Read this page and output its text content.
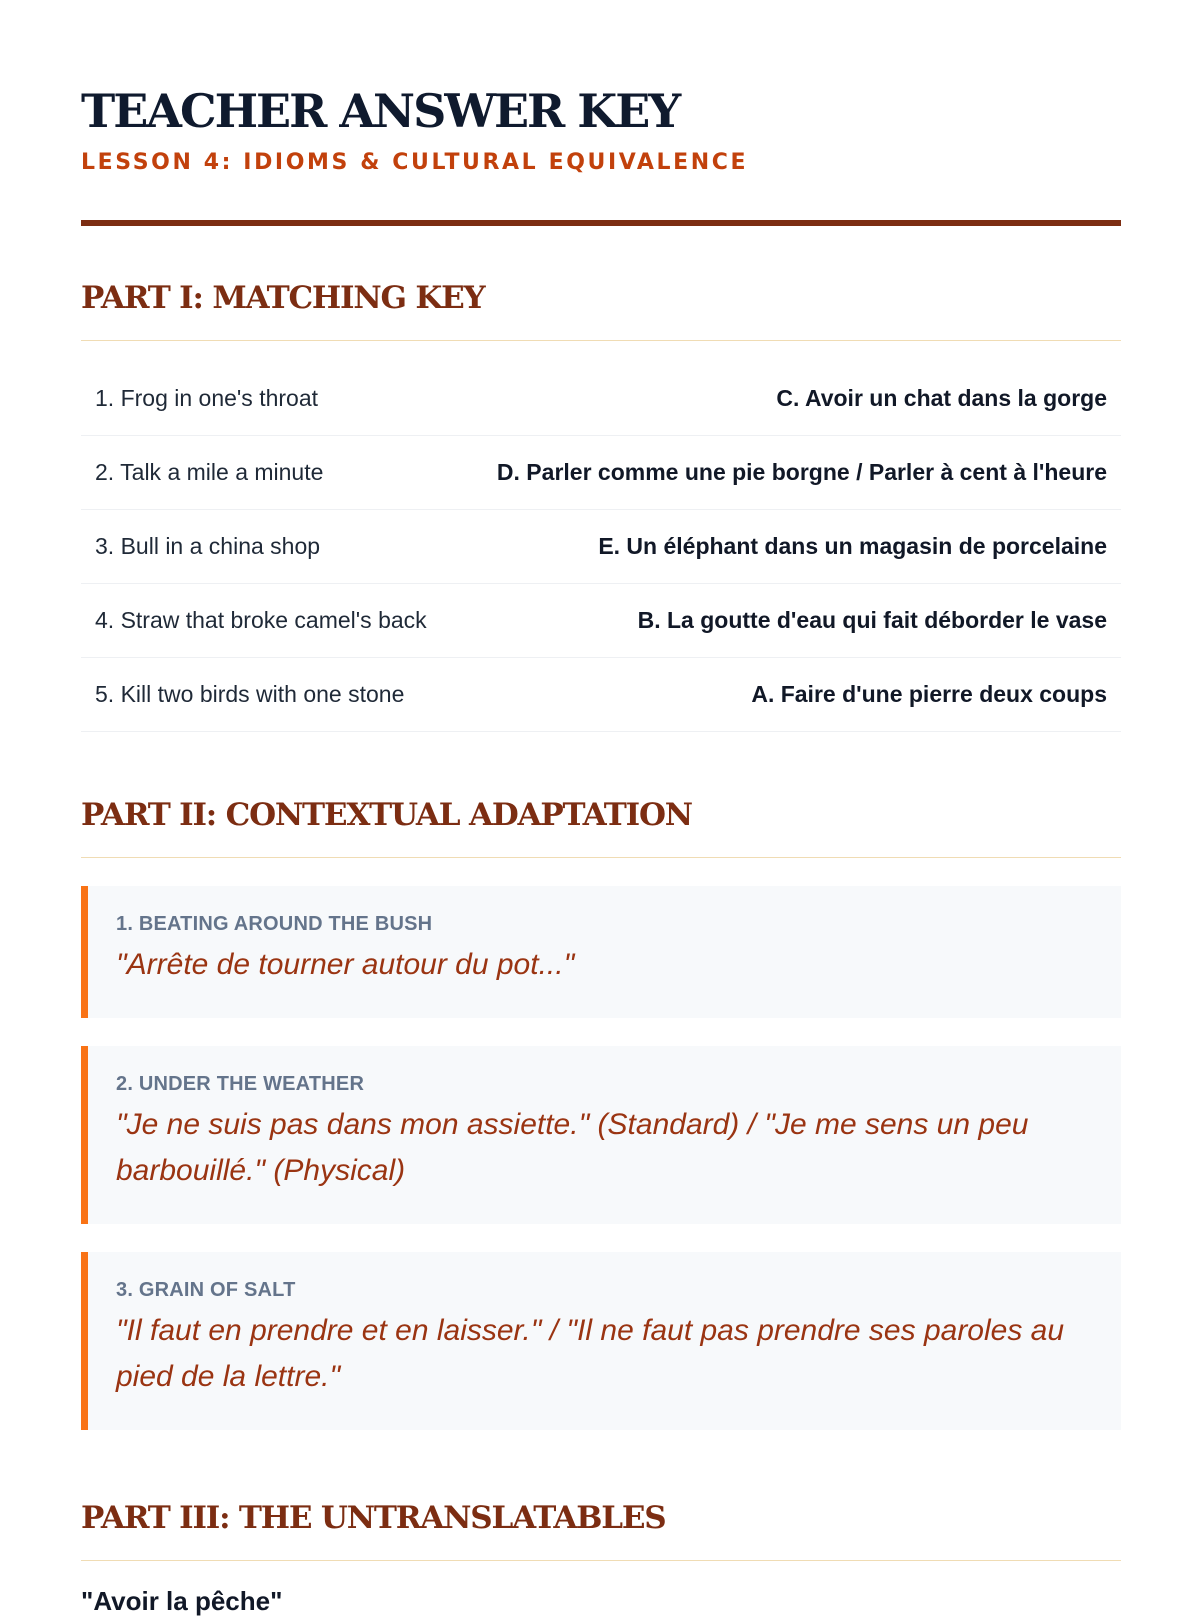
TEACHER ANSWER KEY

LESSON 4: IDIOMS & CULTURAL EQUIVALENCE

PART I: MATCHING KEY
1. Frog in one's throat	C. Avoir un chat dans la gorge
2. Talk a mile a minute	D. Parler comme une pie borgne / Parler à cent à l'heure
3. Bull in a china shop	E. Un éléphant dans un magasin de porcelaine
4. Straw that broke camel's back	B. La goutte d'eau qui fait déborder le vase
5. Kill two birds with one stone	A. Faire d'une pierre deux coups
PART II: CONTEXTUAL ADAPTATION

1. BEATING AROUND THE BUSH

"Arrête de tourner autour du pot..."

2. UNDER THE WEATHER

"Je ne suis pas dans mon assiette." (Standard) / "Je me sens un peu barbouillé." (Physical)

3. GRAIN OF SALT

"Il faut en prendre et en laisser." / "Il ne faut pas prendre ses paroles au pied de la lettre."

PART III: THE UNTRANSLATABLES
"Avoir la pêche"
